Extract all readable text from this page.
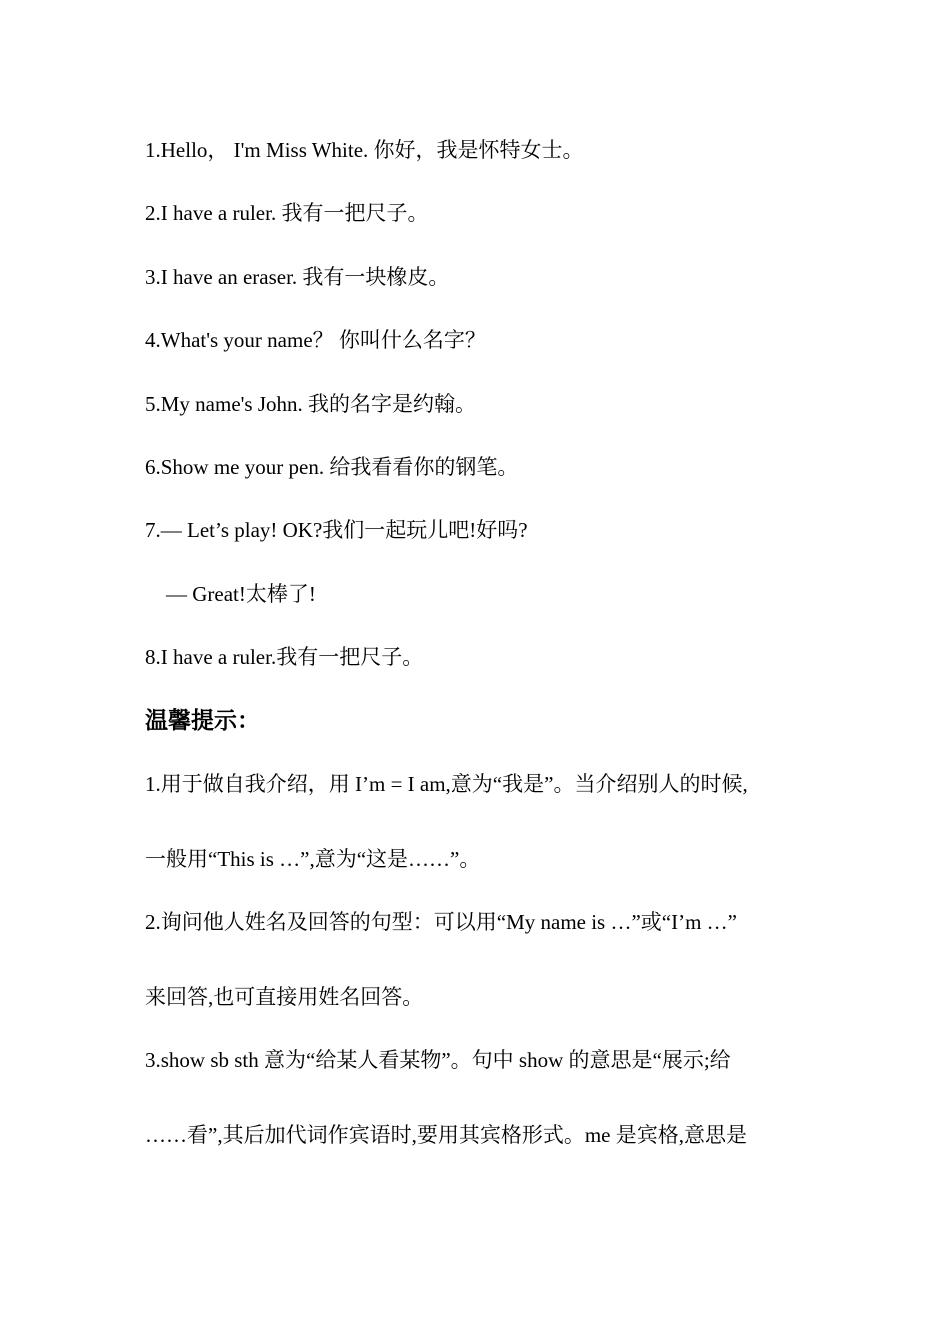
1.Hello， I'm Miss White. 你好，我是怀特女士。
2.I have a ruler. 我有一把尺子。
3.I have an eraser. 我有一块橡皮。
4.What's your name？ 你叫什么名字？
5.My name's John. 我的名字是约翰。
6.Show me your pen. 给我看看你的钢笔。
7.— Let’s play! OK?我们一起玩儿吧!好吗?
— Great!太棒了!
8.I have a ruler.我有一把尺子。
温馨提示：
1.用于做自我介绍，用 I’m = I am,意为“我是”。当介绍别人的时候,
一般用“This is …”,意为“这是……”。
2.询问他人姓名及回答的句型：可以用“My name is …”或“I’m …”
来回答,也可直接用姓名回答。
3.show sb sth 意为“给某人看某物”。句中 show 的意思是“展示;给
……看”,其后加代词作宾语时,要用其宾格形式。me 是宾格,意思是
